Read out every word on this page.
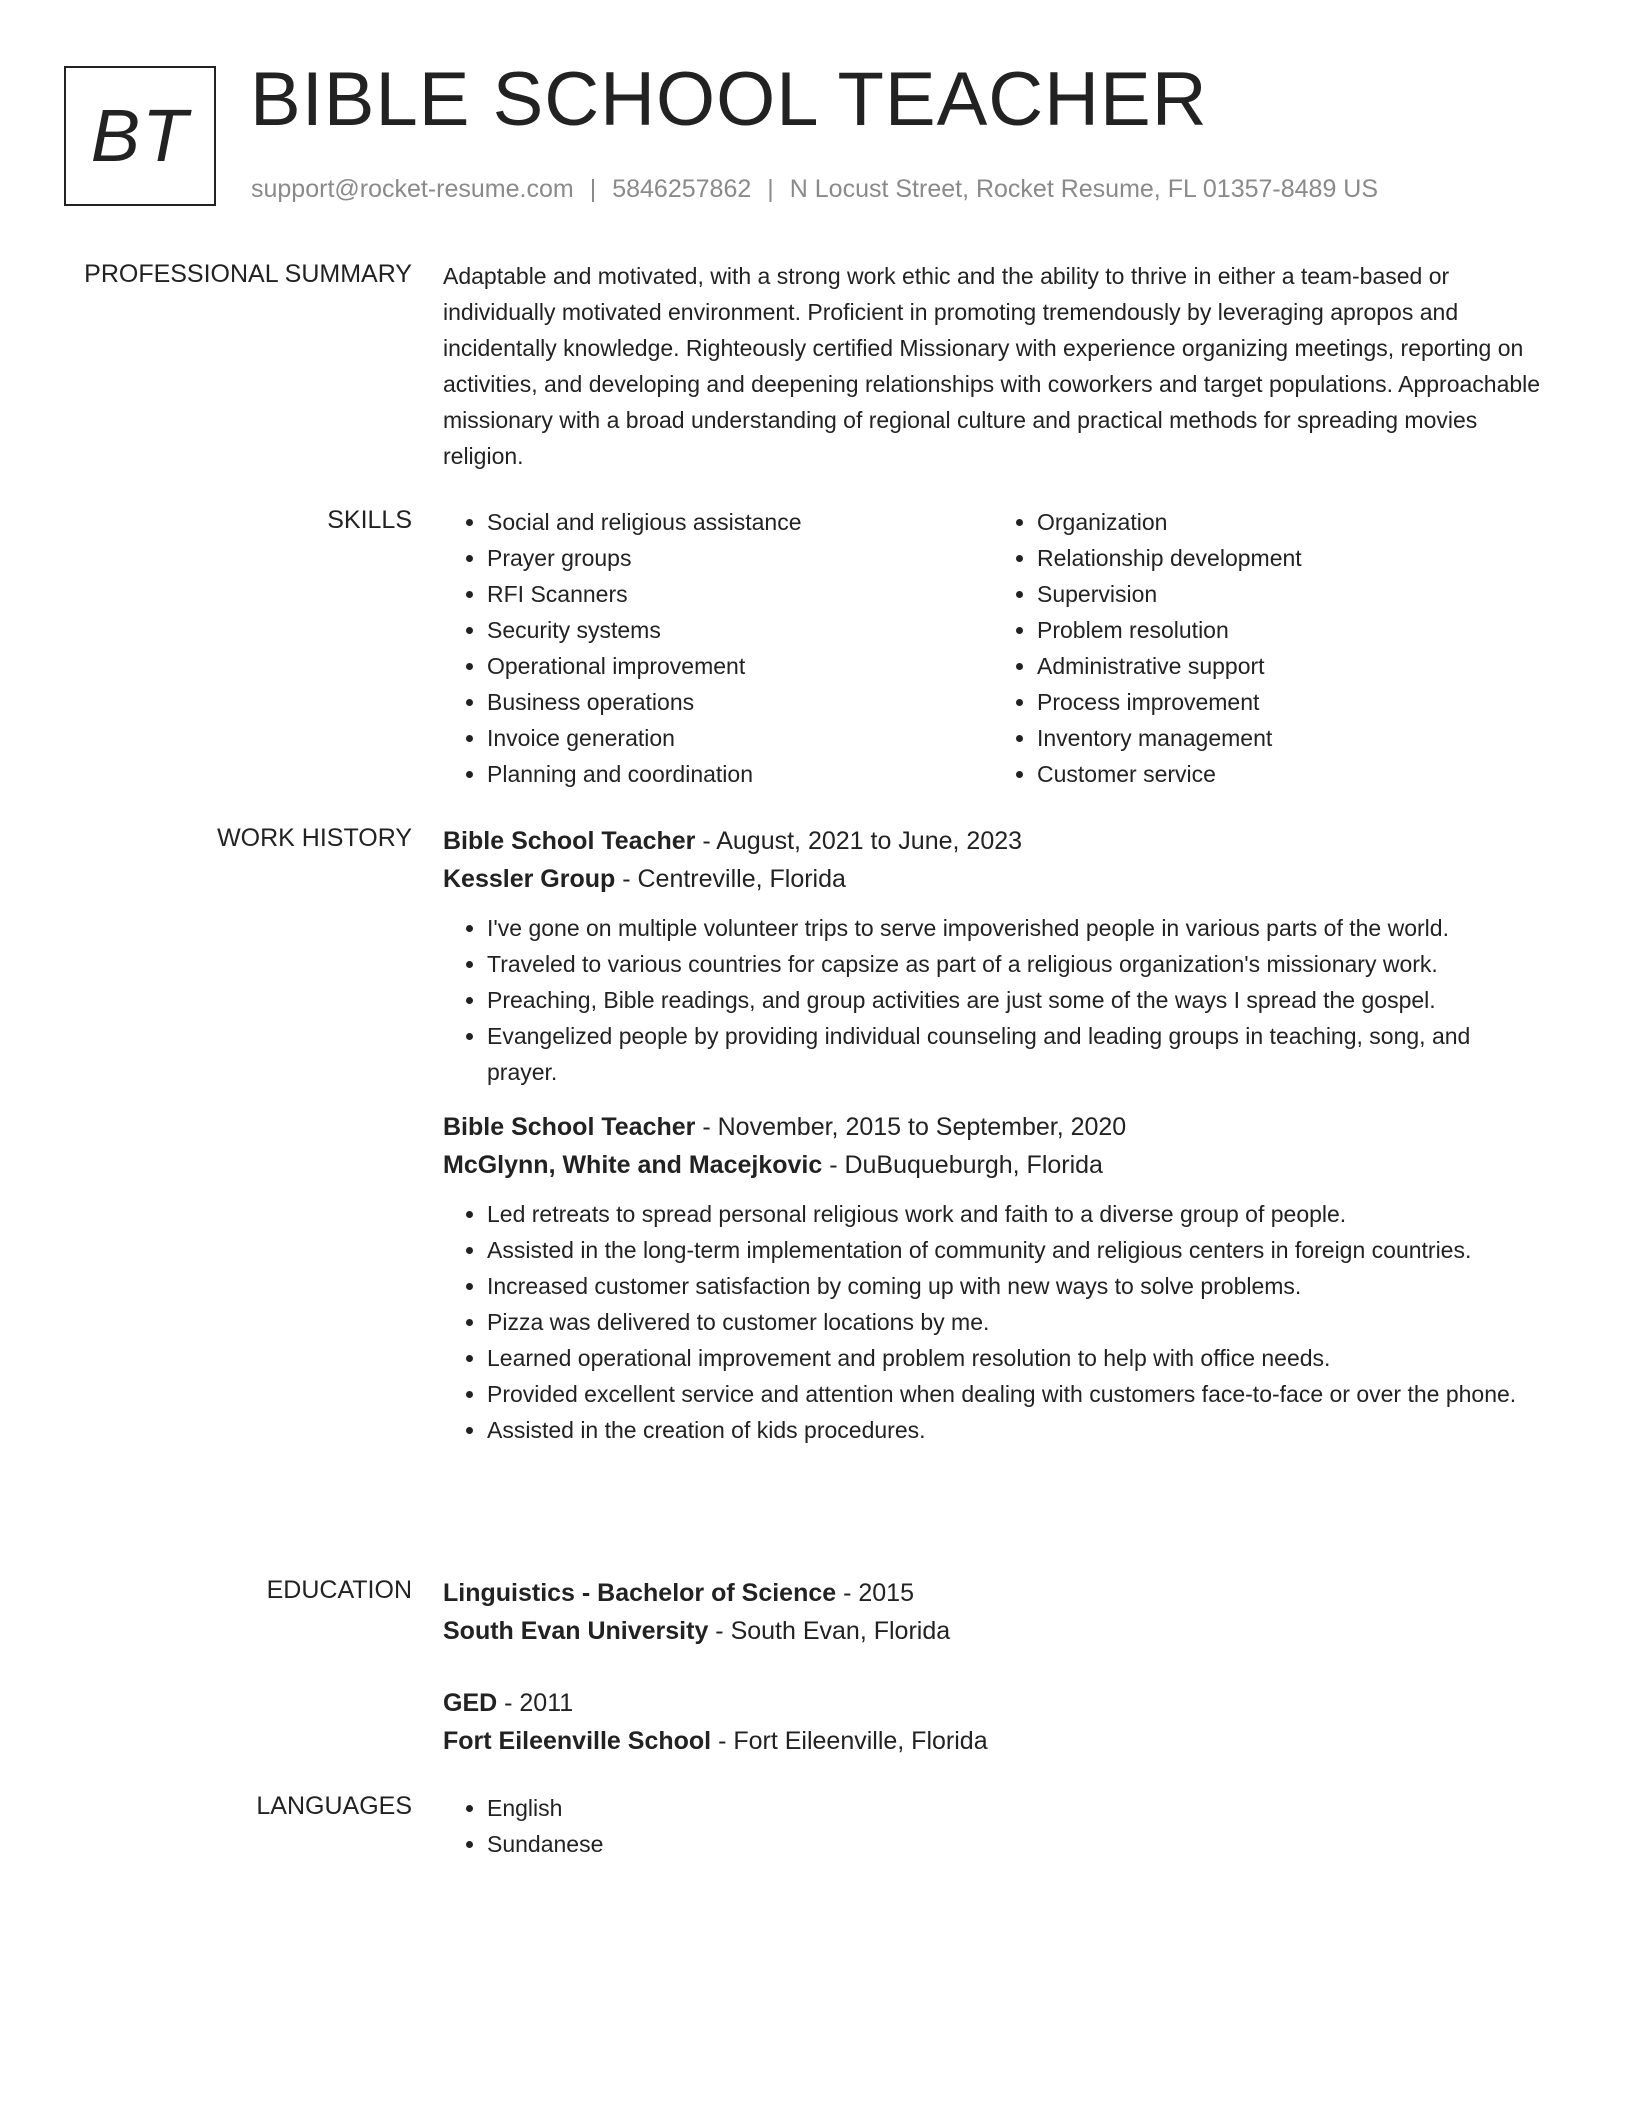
BT BIBLE SCHOOL TEACHER
support@rocket-resume.com | 5846257862 | N Locust Street, Rocket Resume, FL 01357-8489 US
PROFESSIONAL SUMMARY Adaptable and motivated, with a strong work ethic and the ability to thrive in either a team-based or individually motivated environment. Proficient in promoting tremendously by leveraging apropos and incidentally knowledge. Righteously certified Missionary with experience organizing meetings, reporting on activities, and developing and deepening relationships with coworkers and target populations. Approachable missionary with a broad understanding of regional culture and practical methods for spreading movies religion.

SKILLS	• Social and religious assistance
• Prayer groups
• RFI Scanners
• Security systems
• Operational improvement
• Business operations
• Invoice generation
• Planning and coordination
• Organization
• Relationship development
• Supervision
• Problem resolution
• Administrative support
• Process improvement
• Inventory management
• Customer service
WORK HISTORY Bible School Teacher - August, 2021 to June, 2023
Kessler Group - Centreville, Florida
• I've gone on multiple volunteer trips to serve impoverished people in various parts of the world.
• Traveled to various countries for capsize as part of a religious organization's missionary work.
• Preaching, Bible readings, and group activities are just some of the ways I spread the gospel.
• Evangelized people by providing individual counseling and leading groups in teaching, song, and prayer.
Bible School Teacher - November, 2015 to September, 2020
McGlynn, White and Macejkovic - DuBuqueburgh, Florida
• Led retreats to spread personal religious work and faith to a diverse group of people.
• Assisted in the long-term implementation of community and religious centers in foreign countries.
• Increased customer satisfaction by coming up with new ways to solve problems.
• Pizza was delivered to customer locations by me.
• Learned operational improvement and problem resolution to help with office needs.
• Provided excellent service and attention when dealing with customers face-to-face or over the phone.
• Assisted in the creation of kids procedures.
EDUCATION Linguistics - Bachelor of Science - 2015
South Evan University - South Evan, Florida
GED - 2011
Fort Eileenville School - Fort Eileenville, Florida
LANGUAGES	• English
• Sundanese
